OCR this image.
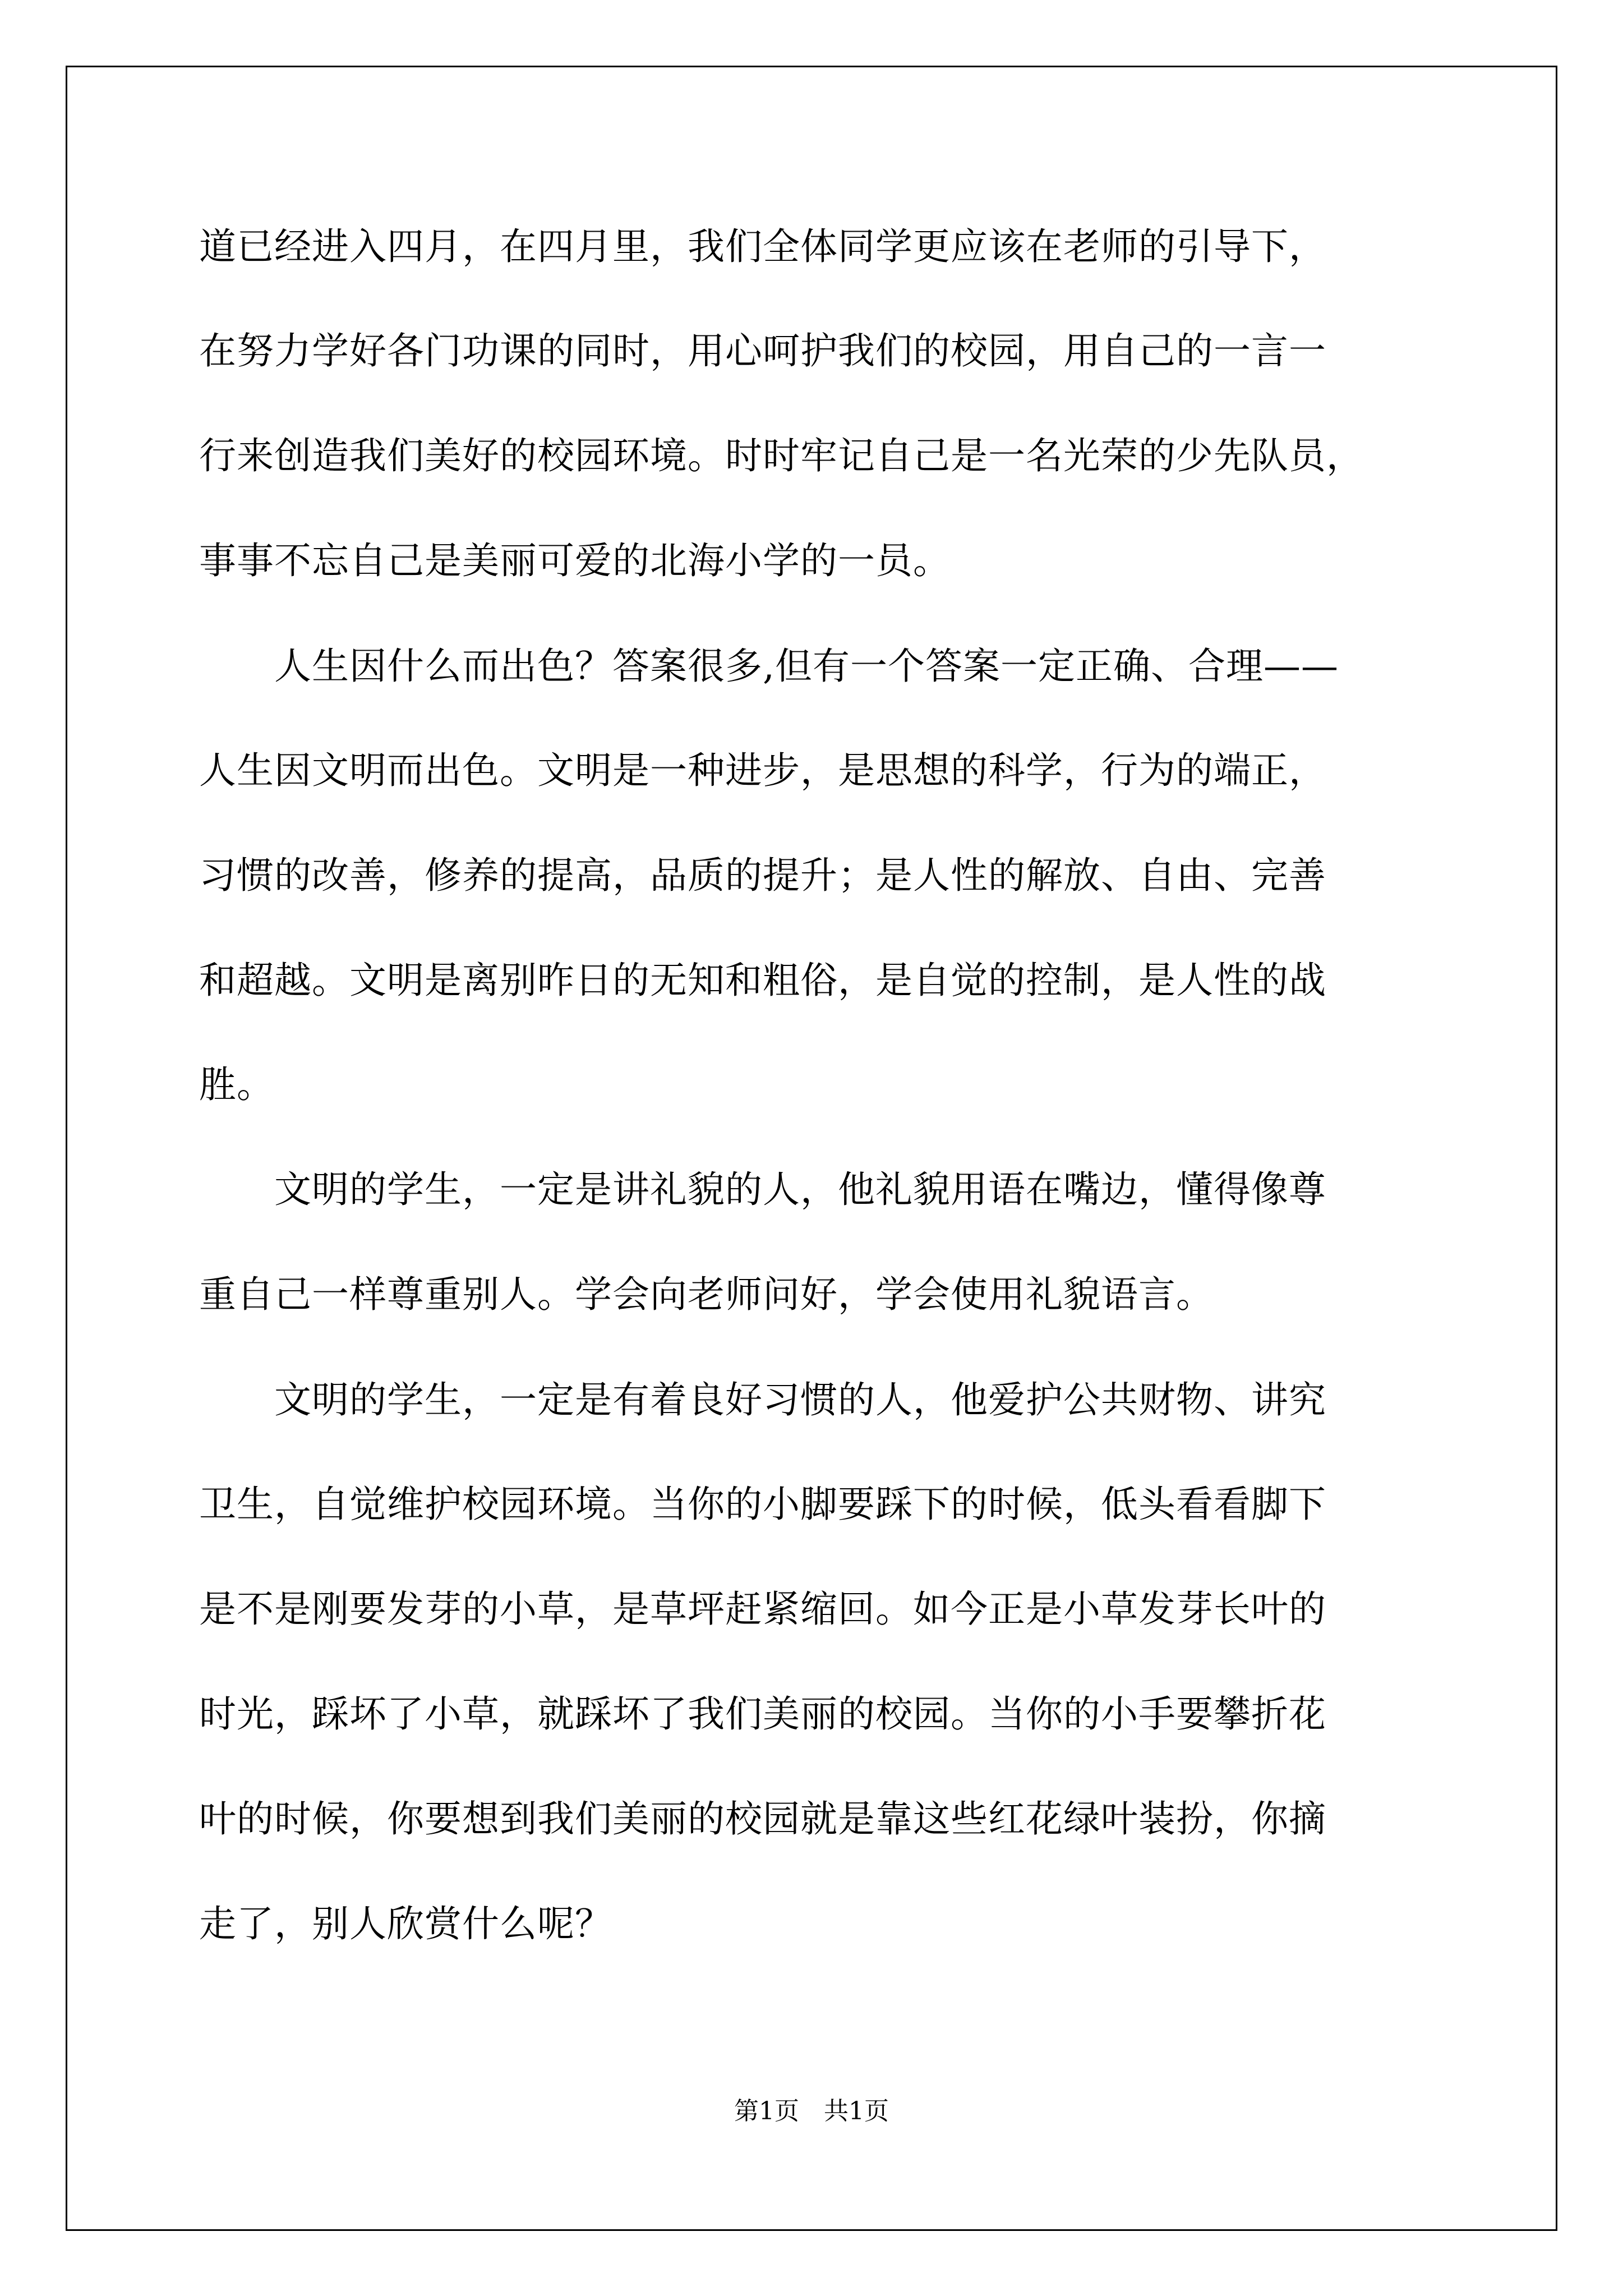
道已经进入四月，在四月里，我们全体同学更应该在老师的引导下，
在努力学好各门功课的同时，用心呵护我们的校园，用自己的一言一
行来创造我们美好的校园环境。时时牢记自己是一名光荣的少先队员，
事事不忘自己是美丽可爱的北海小学的一员。
　　人生因什么而出色？答案很多,但有一个答案一定正确、合理——
人生因文明而出色。文明是一种进步，是思想的科学，行为的端正，
习惯的改善，修养的提高，品质的提升；是人性的解放、自由、完善
和超越。文明是离别昨日的无知和粗俗，是自觉的控制，是人性的战
胜。
　　文明的学生，一定是讲礼貌的人，他礼貌用语在嘴边，懂得像尊
重自己一样尊重别人。学会向老师问好，学会使用礼貌语言。
　　文明的学生，一定是有着良好习惯的人，他爱护公共财物、讲究
卫生，自觉维护校园环境。当你的小脚要踩下的时候，低头看看脚下
是不是刚要发芽的小草，是草坪赶紧缩回。如今正是小草发芽长叶的
时光，踩坏了小草，就踩坏了我们美丽的校园。当你的小手要攀折花
叶的时候，你要想到我们美丽的校园就是靠这些红花绿叶装扮，你摘
走了，别人欣赏什么呢？
第1页　共1页
